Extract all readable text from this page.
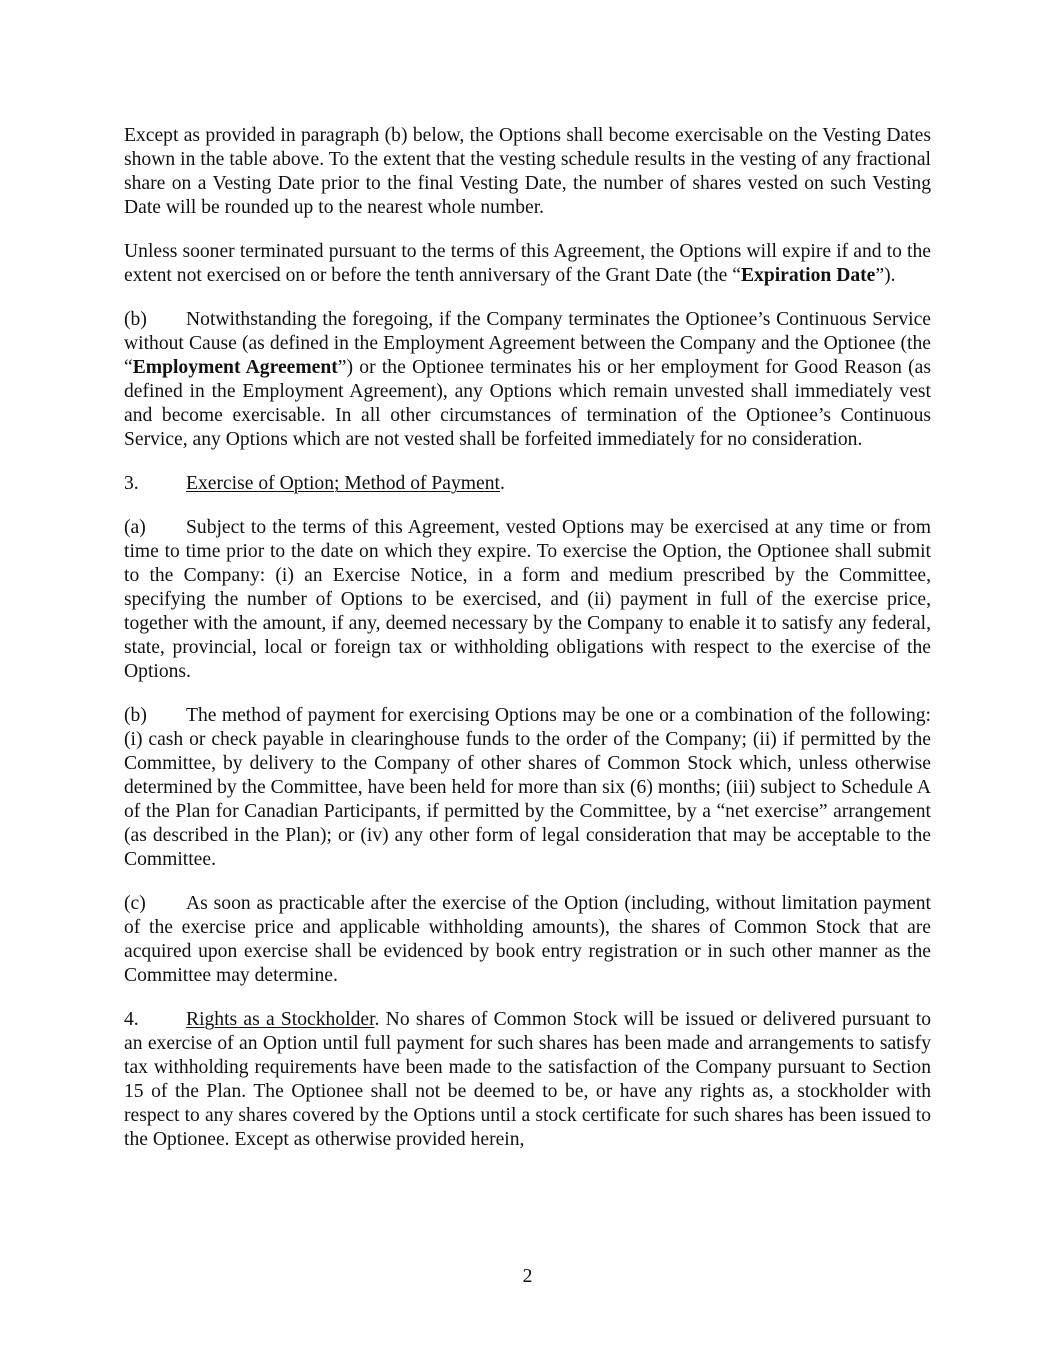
Except as provided in paragraph (b) below, the Options shall become exercisable on the Vesting Dates shown in the table above. To the extent that the vesting schedule results in the vesting of any fractional share on a Vesting Date prior to the final Vesting Date, the number of shares vested on such Vesting Date will be rounded up to the nearest whole number.

Unless sooner terminated pursuant to the terms of this Agreement, the Options will expire if and to the extent not exercised on or before the tenth anniversary of the Grant Date (the “Expiration Date”).

(b) Notwithstanding the foregoing, if the Company terminates the Optionee’s Continuous Service without Cause (as defined in the Employment Agreement between the Company and the Optionee (the “Employment Agreement”) or the Optionee terminates his or her employment for Good Reason (as defined in the Employment Agreement), any Options which remain unvested shall immediately vest and become exercisable. In all other circumstances of termination of the Optionee’s Continuous Service, any Options which are not vested shall be forfeited immediately for no consideration.

3. Exercise of Option; Method of Payment.

(a) Subject to the terms of this Agreement, vested Options may be exercised at any time or from time to time prior to the date on which they expire. To exercise the Option, the Optionee shall submit to the Company: (i) an Exercise Notice, in a form and medium prescribed by the Committee, specifying the number of Options to be exercised, and (ii) payment in full of the exercise price, together with the amount, if any, deemed necessary by the Company to enable it to satisfy any federal, state, provincial, local or foreign tax or withholding obligations with respect to the exercise of the Options.

(b) The method of payment for exercising Options may be one or a combination of the following: (i) cash or check payable in clearinghouse funds to the order of the Company; (ii) if permitted by the Committee, by delivery to the Company of other shares of Common Stock which, unless otherwise determined by the Committee, have been held for more than six (6) months; (iii) subject to Schedule A of the Plan for Canadian Participants, if permitted by the Committee, by a “net exercise” arrangement (as described in the Plan); or (iv) any other form of legal consideration that may be acceptable to the Committee.

(c) As soon as practicable after the exercise of the Option (including, without limitation payment of the exercise price and applicable withholding amounts), the shares of Common Stock that are acquired upon exercise shall be evidenced by book entry registration or in such other manner as the Committee may determine.

4. Rights as a Stockholder. No shares of Common Stock will be issued or delivered pursuant to an exercise of an Option until full payment for such shares has been made and arrangements to satisfy tax withholding requirements have been made to the satisfaction of the Company pursuant to Section 15 of the Plan. The Optionee shall not be deemed to be, or have any rights as, a stockholder with respect to any shares covered by the Options until a stock certificate for such shares has been issued to the Optionee. Except as otherwise provided herein,

2
